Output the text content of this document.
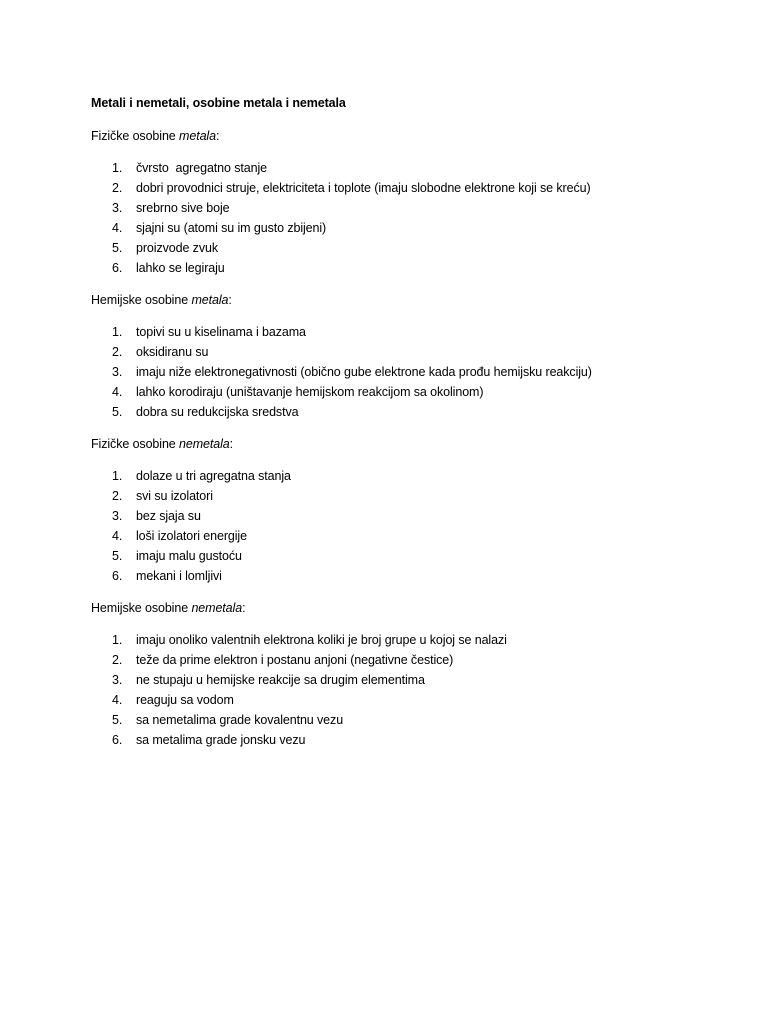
Metali i nemetali, osobine metala i nemetala
Fizičke osobine metala:
1.	čvrsto  agregatno stanje
2.	dobri provodnici struje, elektriciteta i toplote (imaju slobodne elektrone koji se kreću)
3.	srebrno sive boje
4.	sjajni su (atomi su im gusto zbijeni)
5.	proizvode zvuk
6.	lahko se legiraju
Hemijske osobine metala:
1.	topivi su u kiselinama i bazama
2.	oksidiranu su
3.	imaju niže elektronegativnosti (obično gube elektrone kada prođu hemijsku reakciju)
4.	lahko korodiraju (uništavanje hemijskom reakcijom sa okolinom)
5.	dobra su redukcijska sredstva
Fizičke osobine nemetala:
1.	dolaze u tri agregatna stanja
2.	svi su izolatori
3.	bez sjaja su
4.	loši izolatori energije
5.	imaju malu gustoću
6.	mekani i lomljivi
Hemijske osobine nemetala:
1.	imaju onoliko valentnih elektrona koliki je broj grupe u kojoj se nalazi
2.	teže da prime elektron i postanu anjoni (negativne čestice)
3.	ne stupaju u hemijske reakcije sa drugim elementima
4.	reaguju sa vodom
5.	sa nemetalima grade kovalentnu vezu
6.	sa metalima grade jonsku vezu
